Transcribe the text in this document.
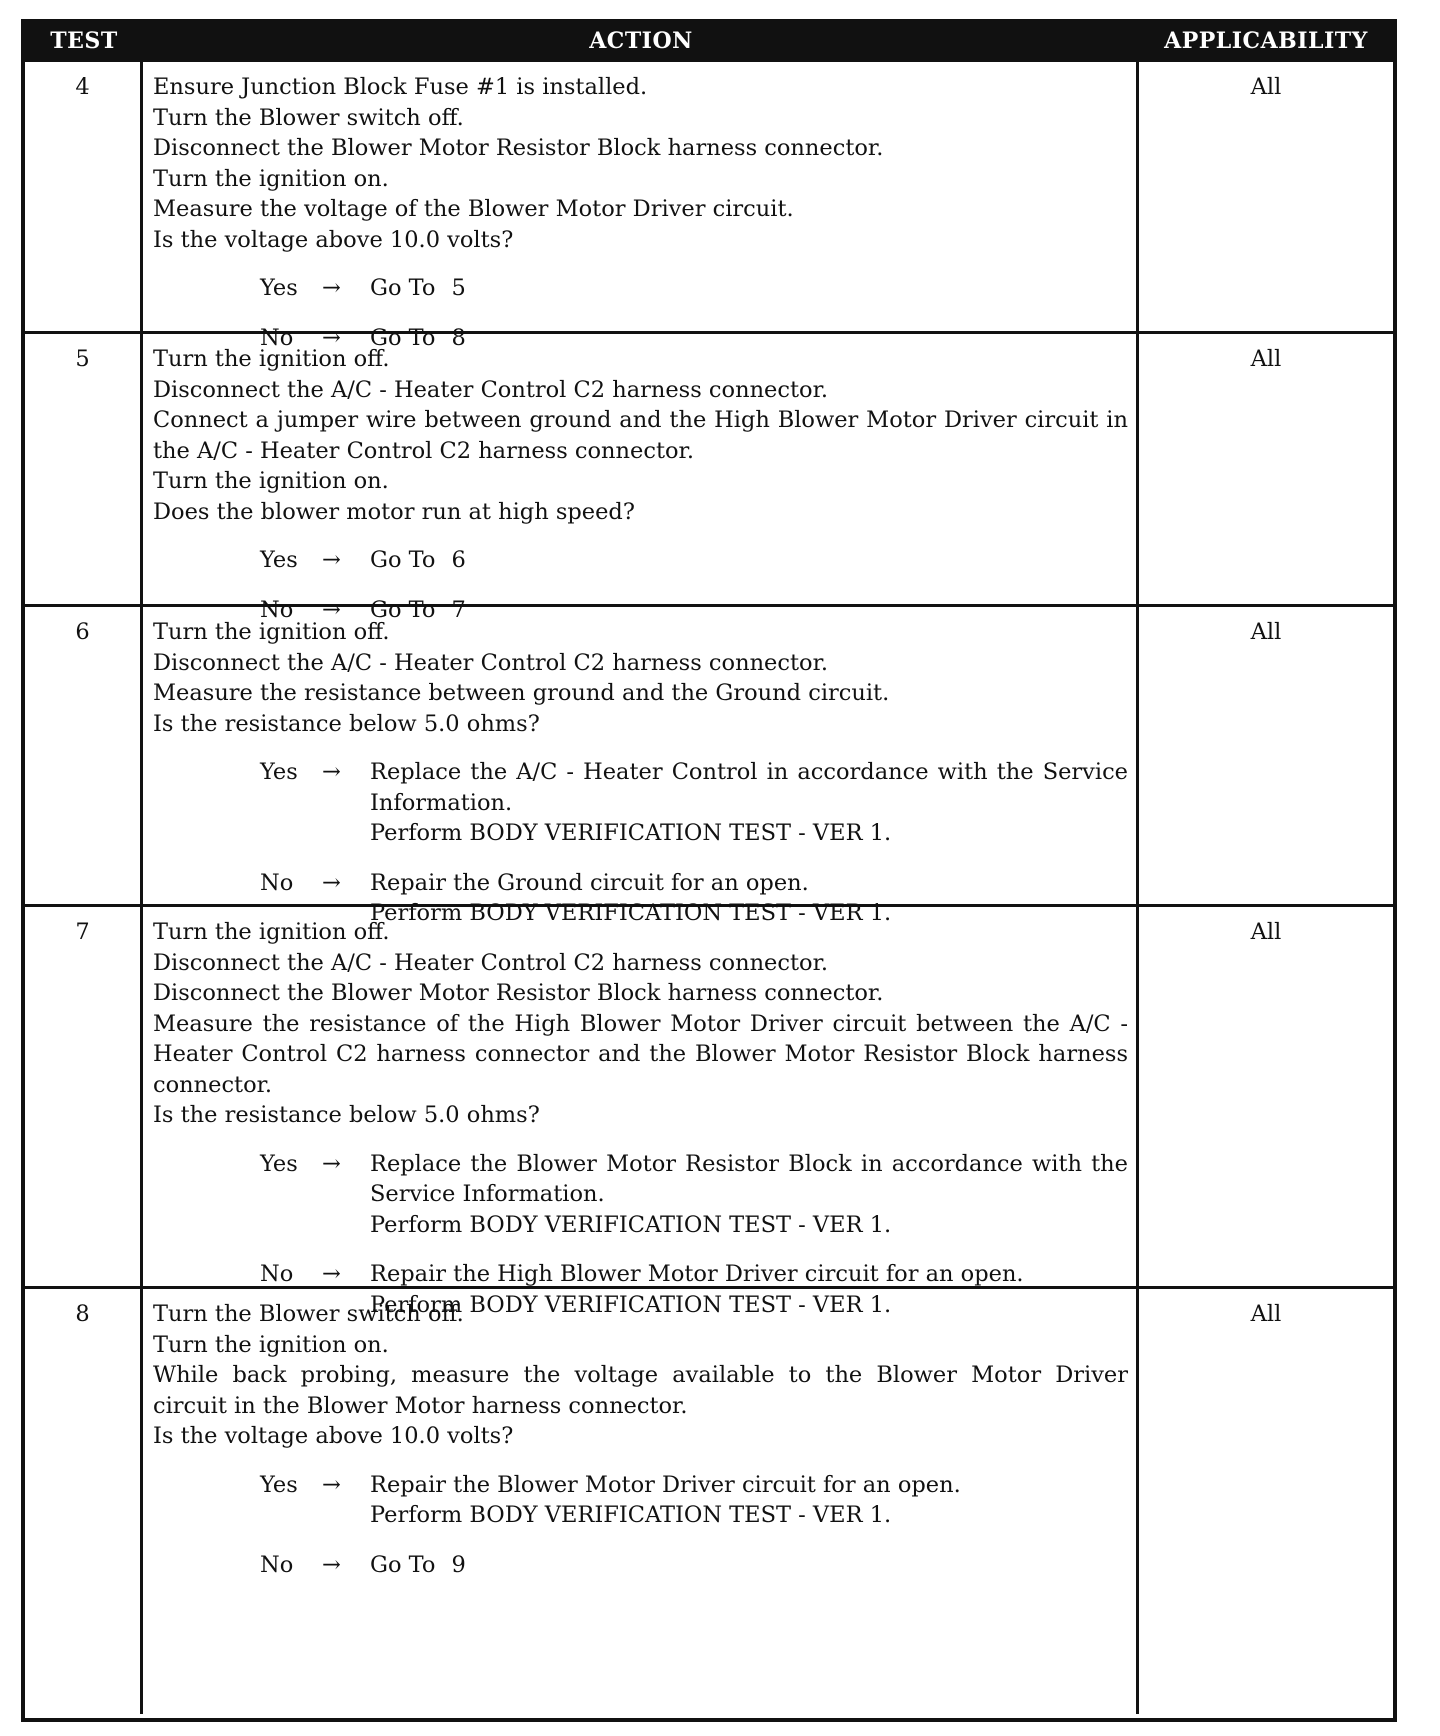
TEST	ACTION	APPLICABILITY
4	Ensure Junction Block Fuse #1 is installed.
Turn the Blower switch off.
Disconnect the Blower Motor Resistor Block harness connector.
Turn the ignition on.
Measure the voltage of the Blower Motor Driver circuit.
Is the voltage above 10.0 volts?
Yes	→	Go To 5
No	→	Go To 8
All
5	Turn the ignition off.
Disconnect the A/C - Heater Control C2 harness connector.
Connect a jumper wire between ground and the High Blower Motor Driver circuit in the A/C - Heater Control C2 harness connector.
Turn the ignition on.
Does the blower motor run at high speed?
Yes	→	Go To 6
No	→	Go To 7
All
6	Turn the ignition off.
Disconnect the A/C - Heater Control C2 harness connector.
Measure the resistance between ground and the Ground circuit.
Is the resistance below 5.0 ohms?
Yes	→	Replace the A/C - Heater Control in accordance with the Service Information.
Perform BODY VERIFICATION TEST - VER 1.
No	→	Repair the Ground circuit for an open.
Perform BODY VERIFICATION TEST - VER 1.
All
7	Turn the ignition off.
Disconnect the A/C - Heater Control C2 harness connector.
Disconnect the Blower Motor Resistor Block harness connector.
Measure the resistance of the High Blower Motor Driver circuit between the A/C - Heater Control C2 harness connector and the Blower Motor Resistor Block harness connector.
Is the resistance below 5.0 ohms?
Yes	→	Replace the Blower Motor Resistor Block in accordance with the Service Information.
Perform BODY VERIFICATION TEST - VER 1.
No	→	Repair the High Blower Motor Driver circuit for an open.
Perform BODY VERIFICATION TEST - VER 1.
All
8	Turn the Blower switch off.
Turn the ignition on.
While back probing, measure the voltage available to the Blower Motor Driver circuit in the Blower Motor harness connector.
Is the voltage above 10.0 volts?
Yes	→	Repair the Blower Motor Driver circuit for an open.
Perform BODY VERIFICATION TEST - VER 1.
No	→	Go To 9
All
